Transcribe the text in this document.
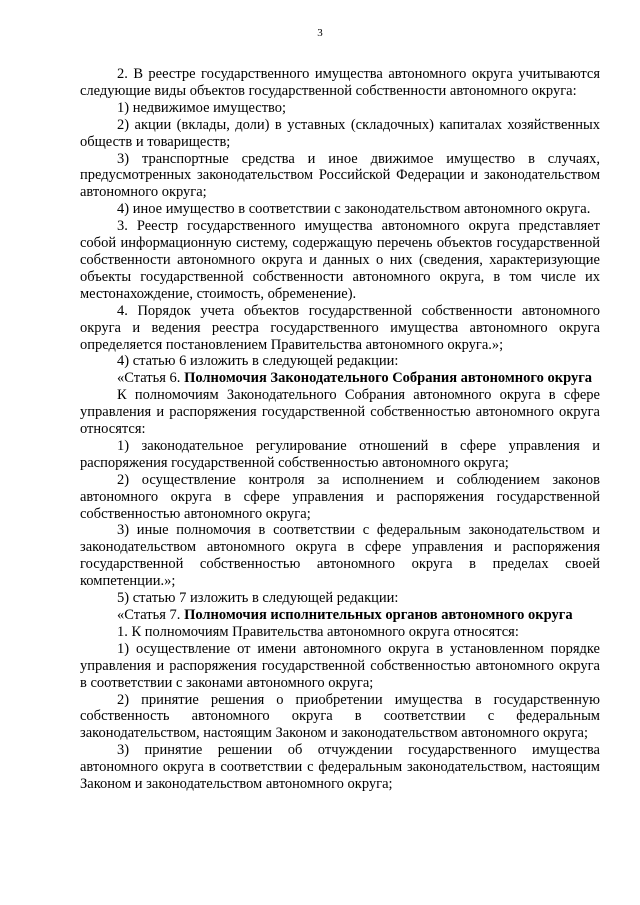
3

2. В реестре государственного имущества автономного округа учитываются следующие виды объектов государственной собственности автономного округа:

1) недвижимое имущество;

2) акции (вклады, доли) в уставных (складочных) капиталах хозяйственных обществ и товариществ;

3) транспортные средства и иное движимое имущество в случаях, предусмотренных законодательством Российской Федерации и законодательством автономного округа;

4) иное имущество в соответствии с законодательством автономного округа.

3. Реестр государственного имущества автономного округа представляет собой информационную систему, содержащую перечень объектов государственной собственности автономного округа и данных о них (сведения, характеризующие объекты государственной собственности автономного округа, в том числе их местонахождение, стоимость, обременение).

4. Порядок учета объектов государственной собственности автономного округа и ведения реестра государственного имущества автономного округа определяется постановлением Правительства автономного округа.»;

4) статью 6 изложить в следующей редакции:

«Статья 6. Полномочия Законодательного Собрания автономного округа

К полномочиям Законодательного Собрания автономного округа в сфере управления и распоряжения государственной собственностью автономного округа относятся:

1) законодательное регулирование отношений в сфере управления и распоряжения государственной собственностью автономного округа;

2) осуществление контроля за исполнением и соблюдением законов автономного округа в сфере управления и распоряжения государственной собственностью автономного округа;

3) иные полномочия в соответствии с федеральным законодательством и законодательством автономного округа в сфере управления и распоряжения государственной собственностью автономного округа в пределах своей компетенции.»;

5) статью 7 изложить в следующей редакции:

«Статья 7. Полномочия исполнительных органов автономного округа

1. К полномочиям Правительства автономного округа относятся:

1) осуществление от имени автономного округа в установленном порядке управления и распоряжения государственной собственностью автономного округа в соответствии с законами автономного округа;

2) принятие решения о приобретении имущества в государственную собственность автономного округа в соответствии с федеральным законодательством, настоящим Законом и законодательством автономного округа;

3) принятие решении об отчуждении государственного имущества автономного округа в соответствии с федеральным законодательством, настоящим Законом и законодательством автономного округа;
